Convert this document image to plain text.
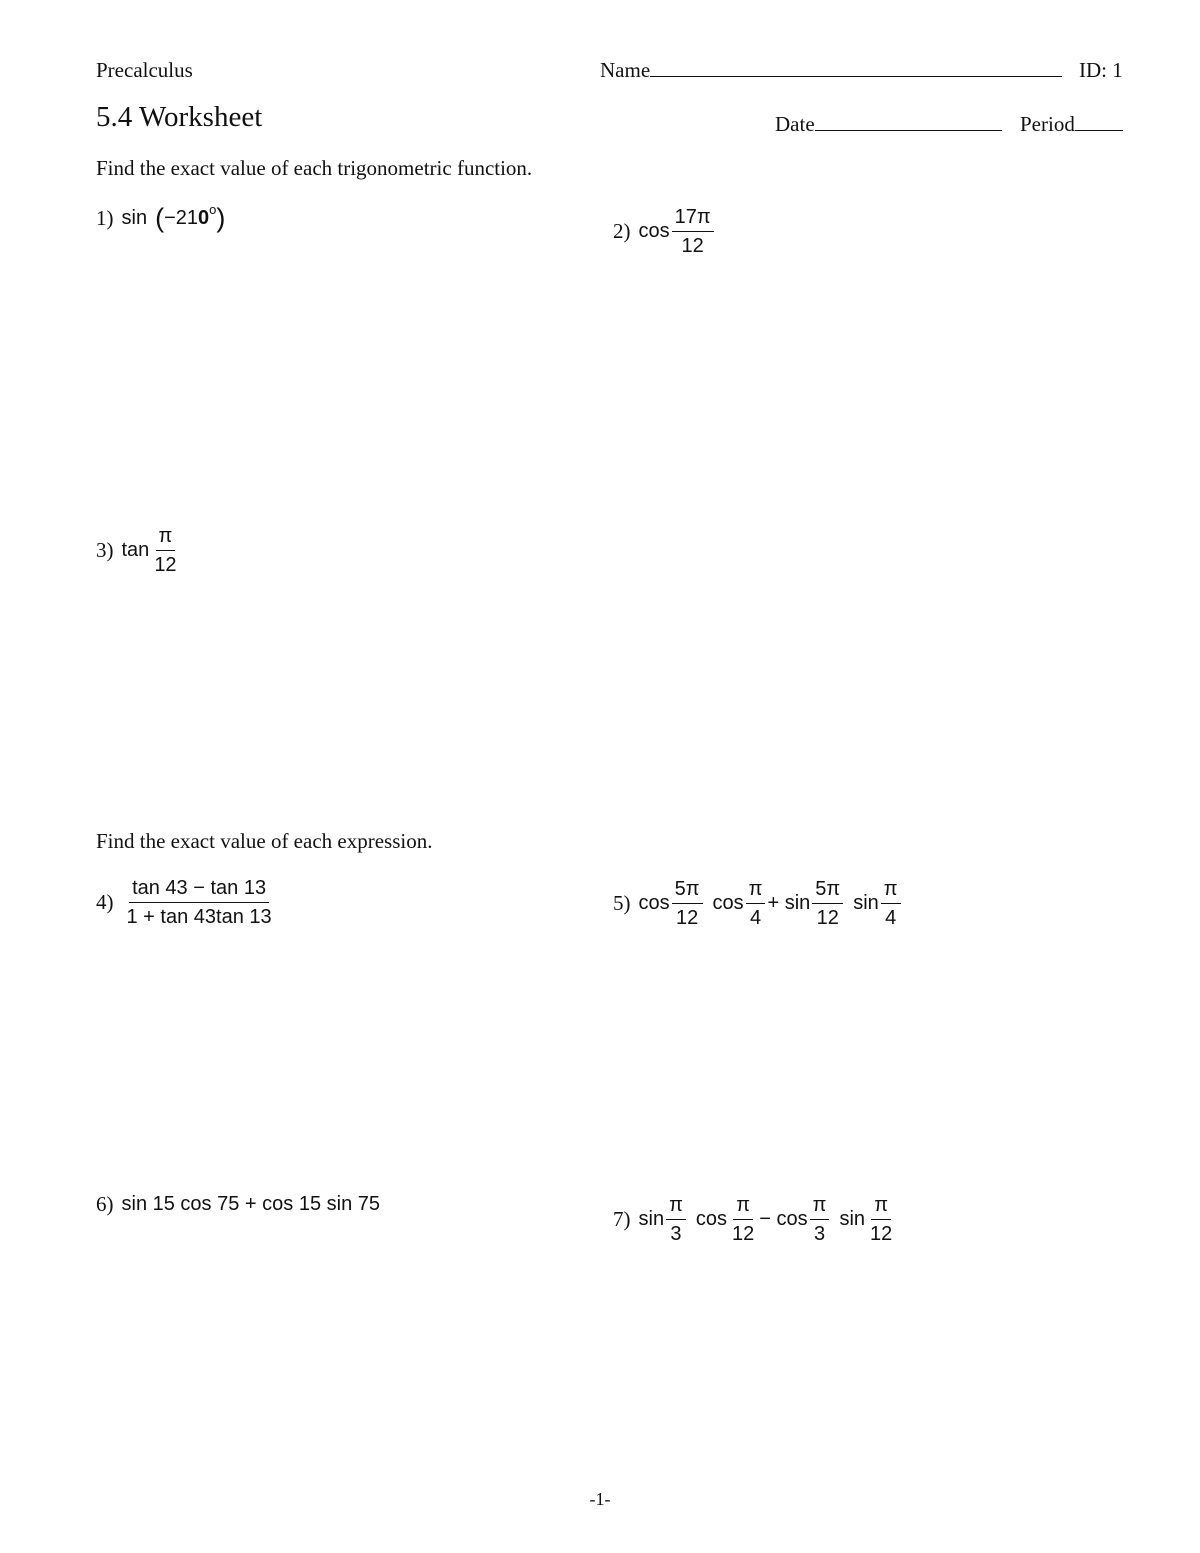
Precalculus	Name	ID: 1
5.4 Worksheet	Date	Period
Find the exact value of each trigonometric function.
1) sin ( − 21 0 o )	2) $\cos \frac{17\pi}{12}$
3) $\tan \frac{\pi}{12}$
Find the exact value of each expression.
$4) \frac{\tan 43 - \tan 13}{1 + \tan 43\tan 13}$	5) $\cos \frac{5\pi}{12}$ $\cos \frac{\pi}{4} + \sin \frac{5\pi}{12}$ $\sin \frac{\pi}{4}$
6) sin 15 cos 75 + cos 15 sin 75
7) $\sin \frac{\pi}{3}$ $\cos \frac{\pi}{12} - \cos \frac{\pi}{3}$ $\sin \frac{\pi}{12}$
-1-
